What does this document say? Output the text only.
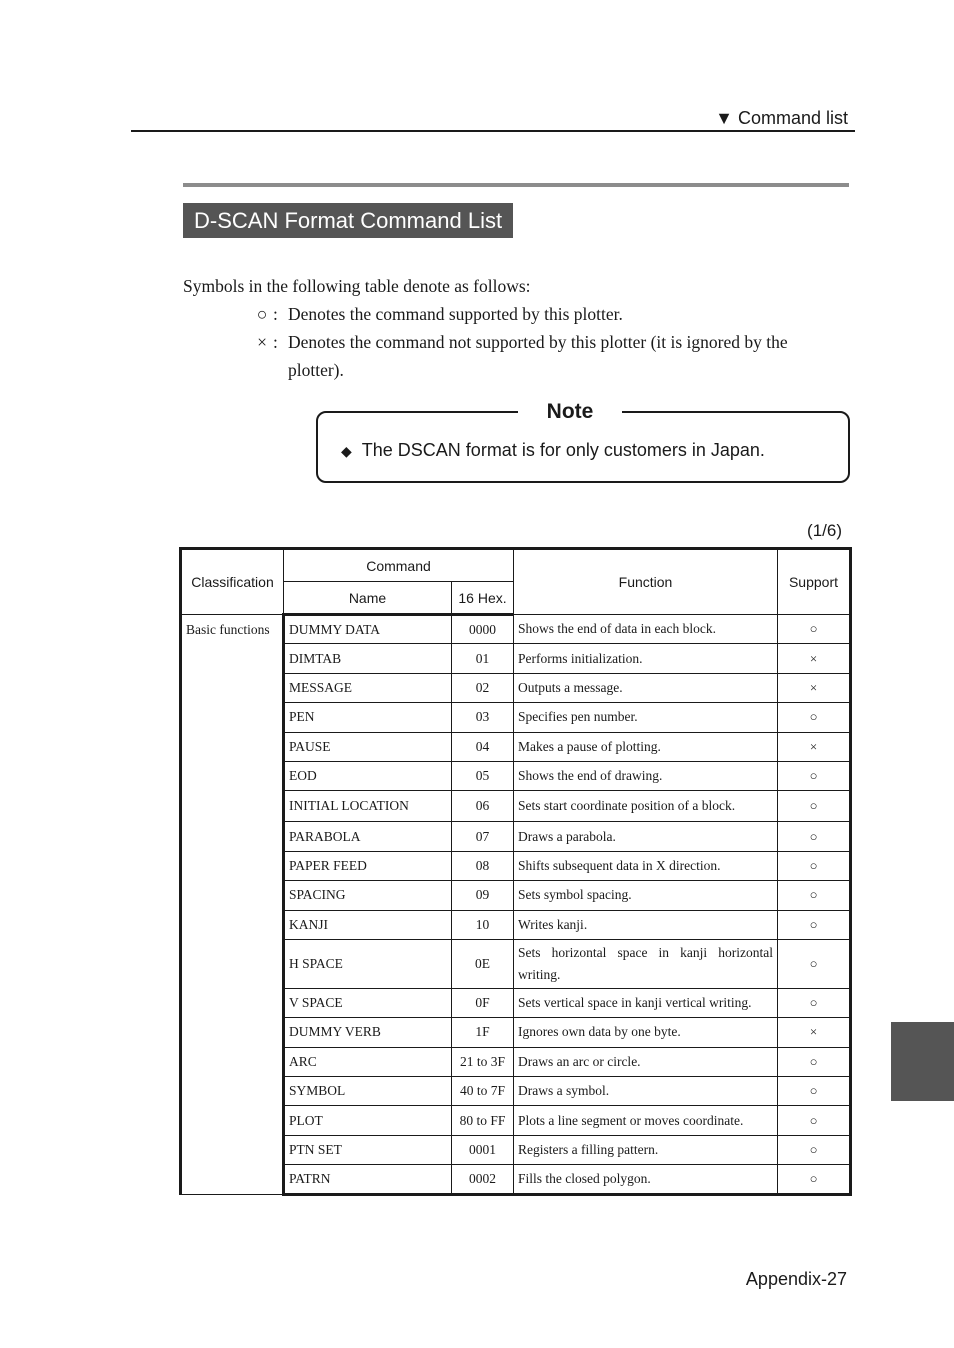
▼ Command list
D-SCAN Format Command List
Symbols in the following table denote as follows:
○ : Denotes the command supported by this plotter.
× : Denotes the command not supported by this plotter (it is ignored by the plotter).
Note
◆ The DSCAN format is for only customers in Japan.
(1/6)
Classification	Command		Function	Support
	Name	16 Hex.		
Basic functions	DUMMY DATA	0000	Shows the end of data in each block.	○
	DIMTAB	01	Performs initialization.	×
	MESSAGE	02	Outputs a message.	×
	PEN	03	Specifies pen number.	○
	PAUSE	04	Makes a pause of plotting.	×
	EOD	05	Shows the end of drawing.	○
	INITIAL LOCATION	06	Sets start coordinate position of a block.	○
	PARABOLA	07	Draws a parabola.	○
	PAPER FEED	08	Shifts subsequent data in X direction.	○
	SPACING	09	Sets symbol spacing.	○
	KANJI	10	Writes kanji.	○
	H SPACE	0E	Sets horizontal space in kanji horizontal writing.	○
	V SPACE	0F	Sets vertical space in kanji vertical writing.	○
	DUMMY VERB	1F	Ignores own data by one byte.	×
	ARC	21 to 3F	Draws an arc or circle.	○
	SYMBOL	40 to 7F	Draws a symbol.	○
	PLOT	80 to FF	Plots a line segment or moves coordinate.	○
	PTN SET	0001	Registers a filling pattern.	○
	PATRN	0002	Fills the closed polygon.	○
Appendix-27
